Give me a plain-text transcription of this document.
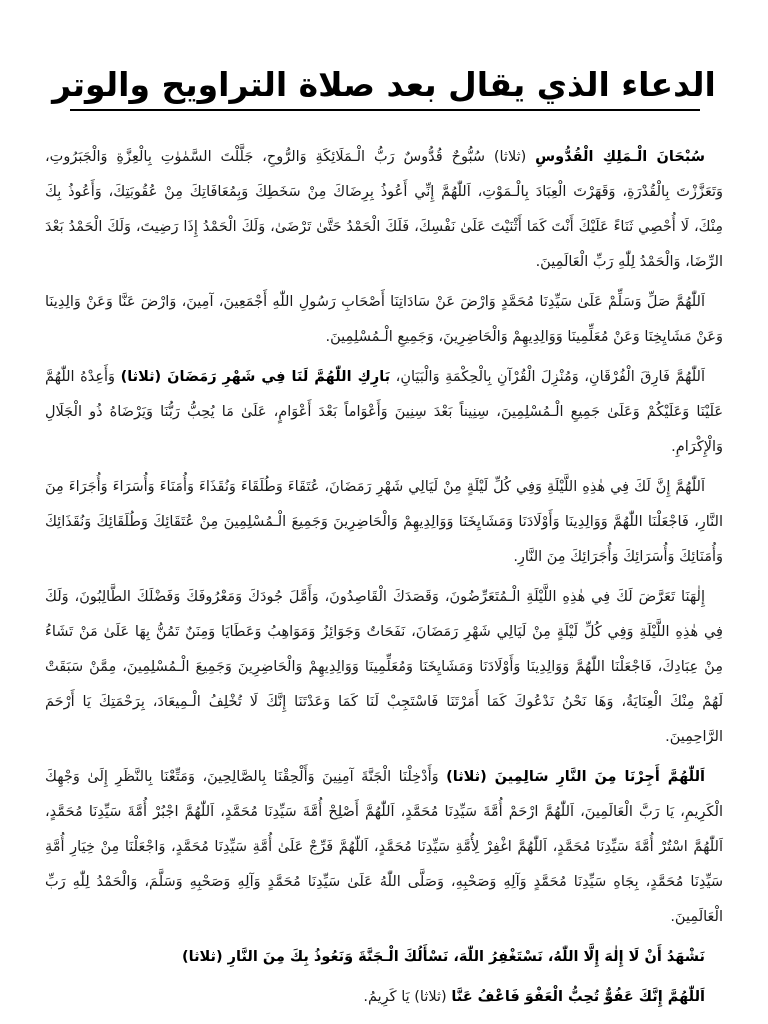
الدعاء الذي يقال بعد صلاة التراويح والوتر

سُبْحَانَ الْـمَلِكِ الْقُدُّوسِ (ثلاثا) سُبُّوحٌ قُدُّوسٌ رَبُّ الْـمَلَائِكَةِ وَالرُّوحِ، جَلَّلْتَ السَّمٰوٰتِ بِالْعِزَّةِ وَالْجَبَرُوتِ، وَتَعَزَّزْتَ بِالْقُدْرَةِ، وَقَهَرْتَ الْعِبَادَ بِالْـمَوْتِ، اَللّٰهُمَّ إِنِّي أَعُوذُ بِرِضَاكَ مِنْ سَخَطِكَ وَبِمُعَافَاتِكَ مِنْ عُقُوبَتِكَ، وَأَعُوذُ بِكَ مِنْكَ، لَا أُحْصِي ثَنَاءً عَلَيْكَ أَنْتَ كَمَا أَثْنَيْتَ عَلَىٰ نَفْسِكَ، فَلَكَ الْحَمْدُ حَتَّىٰ تَرْضَىٰ، وَلَكَ الْحَمْدُ إِذَا رَضِيتَ، وَلَكَ الْحَمْدُ بَعْدَ الرِّضَا، وَالْحَمْدُ لِلّٰهِ رَبِّ الْعَالَمِينَ.

اَللّٰهُمَّ صَلِّ وَسَلِّمْ عَلَىٰ سَيِّدِنَا مُحَمَّدٍ وَارْضَ عَنْ سَادَاتِنَا أَصْحَابِ رَسُولِ اللّٰهِ أَجْمَعِينَ، آمِينَ، وَارْضَ عَنَّا وَعَنْ وَالِدِينَا وَعَنْ مَشَايِخِنَا وَعَنْ مُعَلِّمِينَا وَوَالِدِيهِمْ وَالْحَاضِرِينَ، وَجَمِيعِ الْـمُسْلِمِينَ.

اَللّٰهُمَّ فَارِقَ الْفُرْقَانِ، وَمُنْزِلَ الْقُرْآنِ بِالْحِكْمَةِ وَالْبَيَانِ، بَارِكِ اللّٰهُمَّ لَنَا فِي شَهْرِ رَمَضَانَ (ثلاثا) وَأَعِدْهُ اللّٰهُمَّ عَلَيْنَا وَعَلَيْكُمْ وَعَلَىٰ جَمِيعِ الْـمُسْلِمِينَ، سِنِيناً بَعْدَ سِنِينَ وَأَعْوَاماً بَعْدَ أَعْوَامٍ، عَلَىٰ مَا يُحِبُّ رَبُّنَا وَيَرْضَاهُ ذُو الْجَلَالِ وَالْإِكْرَامِ.

اَللّٰهُمَّ إِنَّ لَكَ فِي هٰذِهِ اللَّيْلَةِ وَفِي كُلِّ لَيْلَةٍ مِنْ لَيَالِي شَهْرِ رَمَضَانَ، عُتَقَاءَ وَطُلَقَاءَ وَنُقَذَاءَ وَأُمَنَاءَ وَأُسَرَاءَ وَأُجَرَاءَ مِنَ النَّارِ، فَاجْعَلْنَا اللّٰهُمَّ وَوَالِدِينَا وَأَوْلَادَنَا وَمَشَايِخَنَا وَوَالِدِيهِمْ وَالْحَاضِرِينَ وَجَمِيعَ الْـمُسْلِمِينَ مِنْ عُتَقَائِكَ وَطُلَقَائِكَ وَنُقَذَائِكَ وَأُمَنَائِكَ وَأُسَرَائِكَ وَأُجَرَائِكَ مِنَ النَّارِ.

إِلٰهَنَا تَعَرَّضَ لَكَ فِي هٰذِهِ اللَّيْلَةِ الْـمُتَعَرِّضُونَ، وَقَصَدَكَ الْقَاصِدُونَ، وَأَمَّلَ جُودَكَ وَمَعْرُوفَكَ وَفَضْلَكَ الطَّالِبُونَ، وَلَكَ فِي هٰذِهِ اللَّيْلَةِ وَفِي كُلِّ لَيْلَةٍ مِنْ لَيَالِي شَهْرِ رَمَضَانَ، نَفَحَاتٌ وَجَوَائِزُ وَمَوَاهِبُ وَعَطَايَا وَمِنَنٌ تَمُنُّ بِهَا عَلَىٰ مَنْ تَشَاءُ مِنْ عِبَادِكَ، فَاجْعَلْنَا اللّٰهُمَّ وَوَالِدِينَا وَأَوْلَادَنَا وَمَشَايِخَنَا وَمُعَلِّمِينَا وَوَالِدِيهِمْ وَالْحَاضِرِينَ وَجَمِيعَ الْـمُسْلِمِينَ، مِمَّنْ سَبَقَتْ لَهُمْ مِنْكَ الْعِنَايَةُ، وَهَا نَحْنُ نَدْعُوكَ كَمَا أَمَرْتَنَا فَاسْتَجِبْ لَنَا كَمَا وَعَدْتَنَا إِنَّكَ لَا تُخْلِفُ الْـمِيعَادَ، بِرَحْمَتِكَ يَا أَرْحَمَ الرَّاحِمِينَ.

اَللّٰهُمَّ أَجِرْنَا مِنَ النَّارِ سَالِمِينَ (ثلاثا) وَأَدْخِلْنَا الْجَنَّةَ آمِنِينَ وَأَلْحِقْنَا بِالصَّالِحِينَ، وَمَتِّعْنَا بِالنَّظَرِ إِلَىٰ وَجْهِكَ الْكَرِيمِ، يَا رَبَّ الْعَالَمِينَ، اَللّٰهُمَّ ارْحَمْ أُمَّةَ سَيِّدِنَا مُحَمَّدٍ، اَللّٰهُمَّ أَصْلِحْ أُمَّةَ سَيِّدِنَا مُحَمَّدٍ، اَللّٰهُمَّ اجْبُرْ أُمَّةَ سَيِّدِنَا مُحَمَّدٍ، اَللّٰهُمَّ اسْتُرْ أُمَّةَ سَيِّدِنَا مُحَمَّدٍ، اَللّٰهُمَّ اغْفِرْ لِأُمَّةِ سَيِّدِنَا مُحَمَّدٍ، اَللّٰهُمَّ فَرِّجْ عَلَىٰ أُمَّةِ سَيِّدِنَا مُحَمَّدٍ، وَاجْعَلْنَا مِنْ خِيَارِ أُمَّةِ سَيِّدِنَا مُحَمَّدٍ، بِجَاهِ سَيِّدِنَا مُحَمَّدٍ وَآلِهِ وَصَحْبِهِ، وَصَلَّى اللّٰهُ عَلَىٰ سَيِّدِنَا مُحَمَّدٍ وَآلِهِ وَصَحْبِهِ وَسَلَّمَ، وَالْحَمْدُ لِلّٰهِ رَبِّ الْعَالَمِينَ.

نَشْهَدُ أَنْ لَا إِلٰهَ إِلَّا اللّٰهُ، نَسْتَغْفِرُ اللّٰهَ، نَسْأَلُكَ الْـجَنَّةَ وَنَعُوذُ بِكَ مِنَ النَّارِ (ثلاثا)

اَللّٰهُمَّ إِنَّكَ عَفُوٌّ تُحِبُّ الْعَفْوَ فَاعْفُ عَنَّا (ثلاثا) يَا كَرِيمُ.
